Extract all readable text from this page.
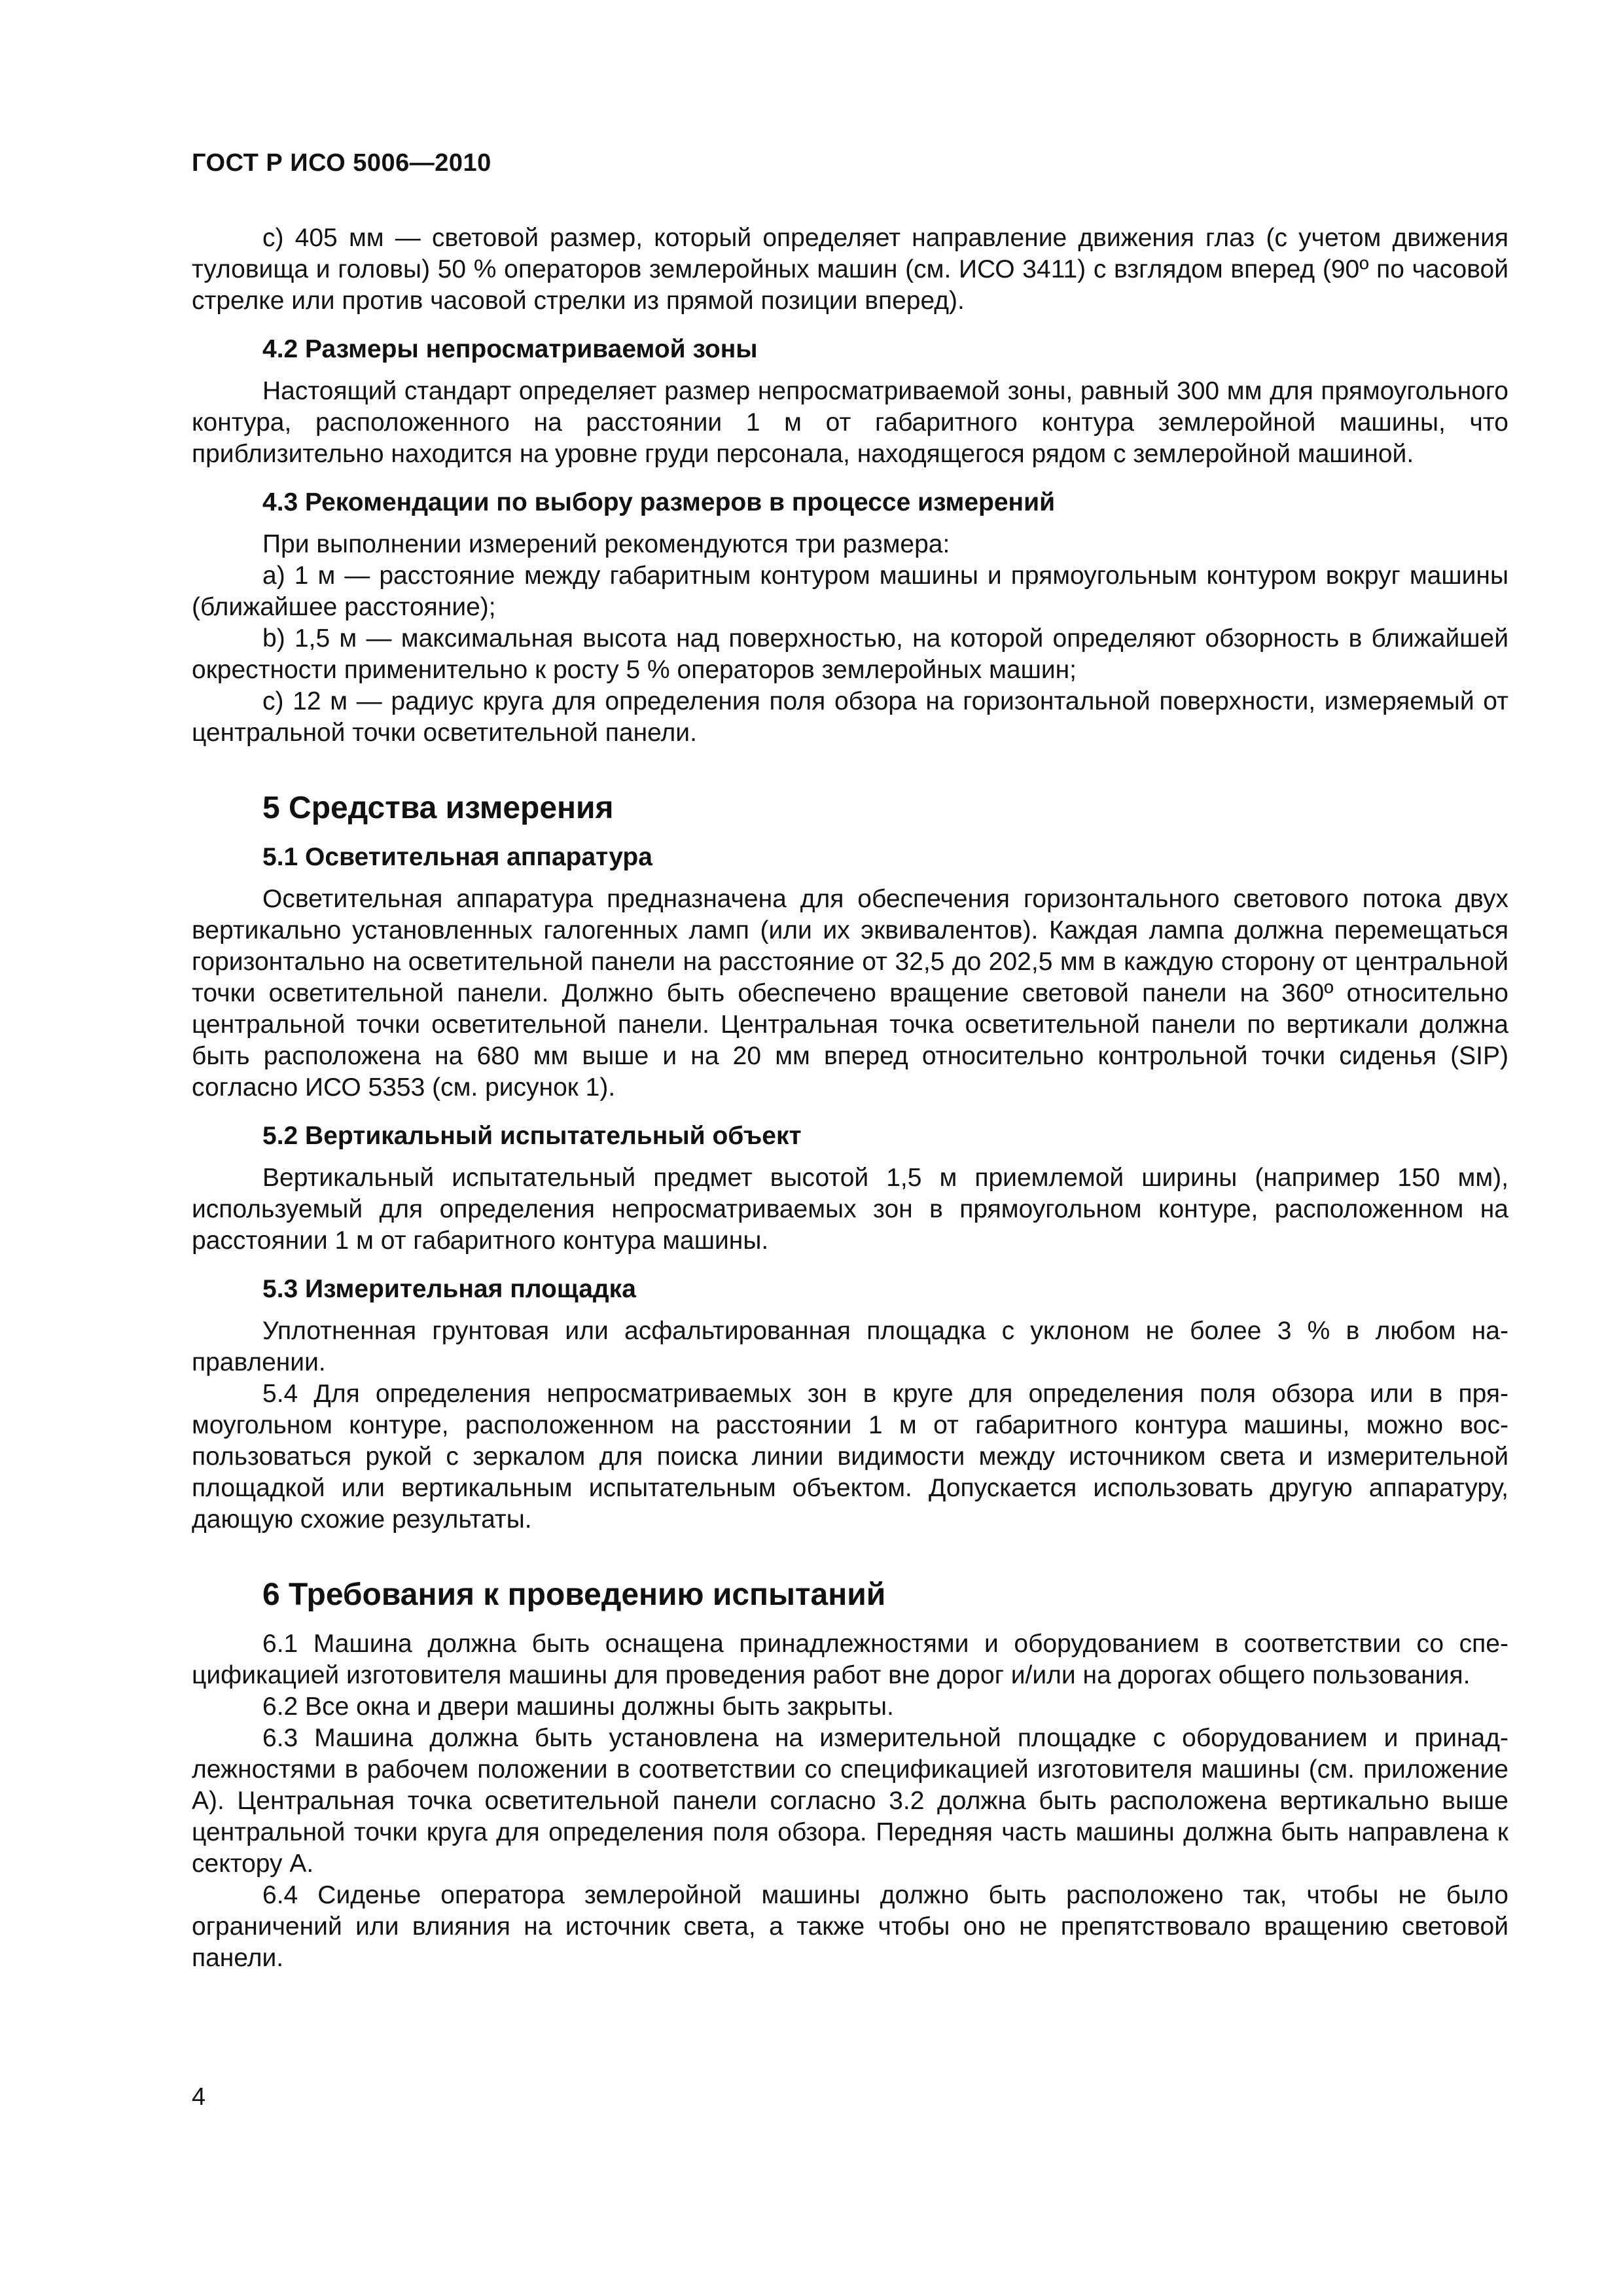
ГОСТ Р ИСО 5006—2010

c) 405 мм — световой размер, который определяет направление движения глаз (с учетом движения туловища и головы) 50 % операторов землеройных машин (см. ИСО 3411) с взглядом вперед (90º по часовой стрелке или против часовой стрелки из прямой позиции вперед).

4.2 Размеры непросматриваемой зоны

Настоящий стандарт определяет размер непросматриваемой зоны, равный 300 мм для прямоугольного контура, расположенного на расстоянии 1 м от габаритного контура землеройной машины, что приблизительно находится на уровне груди персонала, находящегося рядом с землеройной машиной.

4.3 Рекомендации по выбору размеров в процессе измерений

При выполнении измерений рекомендуются три размера:

a) 1 м — расстояние между габаритным контуром машины и прямоугольным контуром вокруг машины (ближайшее расстояние);

b) 1,5 м — максимальная высота над поверхностью, на которой определяют обзорность в ближайшей окрестности применительно к росту 5 % операторов землеройных машин;

c) 12 м — радиус круга для определения поля обзора на горизонтальной поверхности, измеряемый от центральной точки осветительной панели.

5 Средства измерения
5.1 Осветительная аппаратура

Осветительная аппаратура предназначена для обеспечения горизонтального светового потока двух вертикально установленных галогенных ламп (или их эквивалентов). Каждая лампа должна перемещаться горизонтально на осветительной панели на расстояние от 32,5 до 202,5 мм в каждую сторону от центральной точки осветительной панели. Должно быть обеспечено вращение световой панели на 360º относительно центральной точки осветительной панели. Центральная точка осветительной панели по вертикали должна быть расположена на 680 мм выше и на 20 мм вперед относительно контрольной точки сиденья (SIP) согласно ИСО 5353 (см. рисунок 1).

5.2 Вертикальный испытательный объект

Вертикальный испытательный предмет высотой 1,5 м приемлемой ширины (например 150 мм), используемый для определения непросматриваемых зон в прямоугольном контуре, расположенном на расстоянии 1 м от габаритного контура машины.

5.3 Измерительная площадка

Уплотненная грунтовая или асфальтированная площадка с уклоном не более 3 % в любом направлении.

5.4 Для определения непросматриваемых зон в круге для определения поля обзора или в прямоугольном контуре, расположенном на расстоянии 1 м от габаритного контура машины, можно воспользоваться рукой с зеркалом для поиска линии видимости между источником света и измерительной площадкой или вертикальным испытательным объектом. Допускается использовать другую аппаратуру, дающую схожие результаты.

6 Требования к проведению испытаний

6.1 Машина должна быть оснащена принадлежностями и оборудованием в соответствии со спецификацией изготовителя машины для проведения работ вне дорог и/или на дорогах общего пользования.

6.2 Все окна и двери машины должны быть закрыты.

6.3 Машина должна быть установлена на измерительной площадке с оборудованием и принадлежностями в рабочем положении в соответствии со спецификацией изготовителя машины (см. приложение А). Центральная точка осветительной панели согласно 3.2 должна быть расположена вертикально выше центральной точки круга для определения поля обзора. Передняя часть машины должна быть направлена к сектору А.

6.4 Сиденье оператора землеройной машины должно быть расположено так, чтобы не было ограничений или влияния на источник света, а также чтобы оно не препятствовало вращению световой панели.

4
